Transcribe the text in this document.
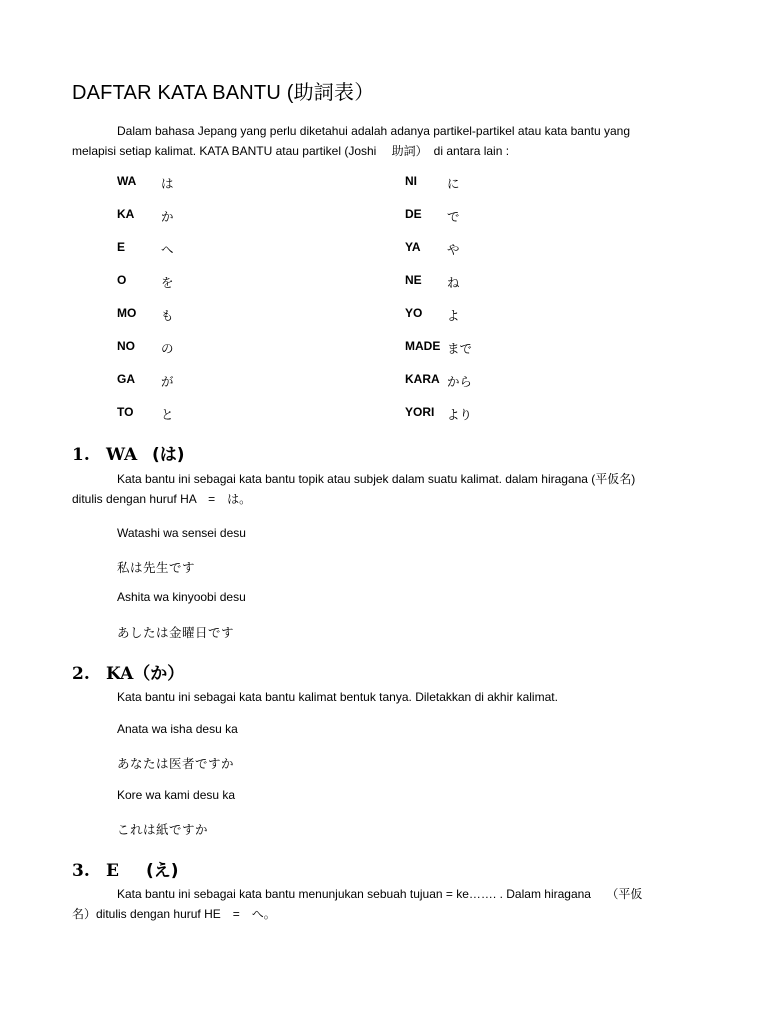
DAFTAR KATA BANTU (助詞表）
Dalam bahasa Jepang yang perlu diketahui adalah adanya partikel-partikel atau kata bantu yang
melapisi setiap kalimat. KATA BANTU atau partikel (Joshi　 助詞）　di antara lain :
WA	は
KA	か
E	へ
O	を
MO	も
NO	の
GA	が
TO	と
NI	に
DE	で
YA	や
NE	ね
YO	よ
MADE まで
KARA から
YORI	より
1. WA (は)
Kata bantu ini sebagai kata bantu topik atau subjek dalam suatu kalimat. dalam hiragana (平仮名)
ditulis dengan huruf HA　=　は。
Watashi wa sensei desu
私は先生です
Ashita wa kinyoobi desu
あしたは金曜日です
2. KA（か）
Kata bantu ini sebagai kata bantu kalimat bentuk tanya. Diletakkan di akhir kalimat.
Anata wa isha desu ka
あなたは医者ですか
Kore wa kami desu ka
これは紙ですか
3. E (え)
Kata bantu ini sebagai kata bantu menunjukan sebuah tujuan = ke……. . Dalam hiragana　 （平仮
名）ditulis dengan huruf HE　=　へ。
